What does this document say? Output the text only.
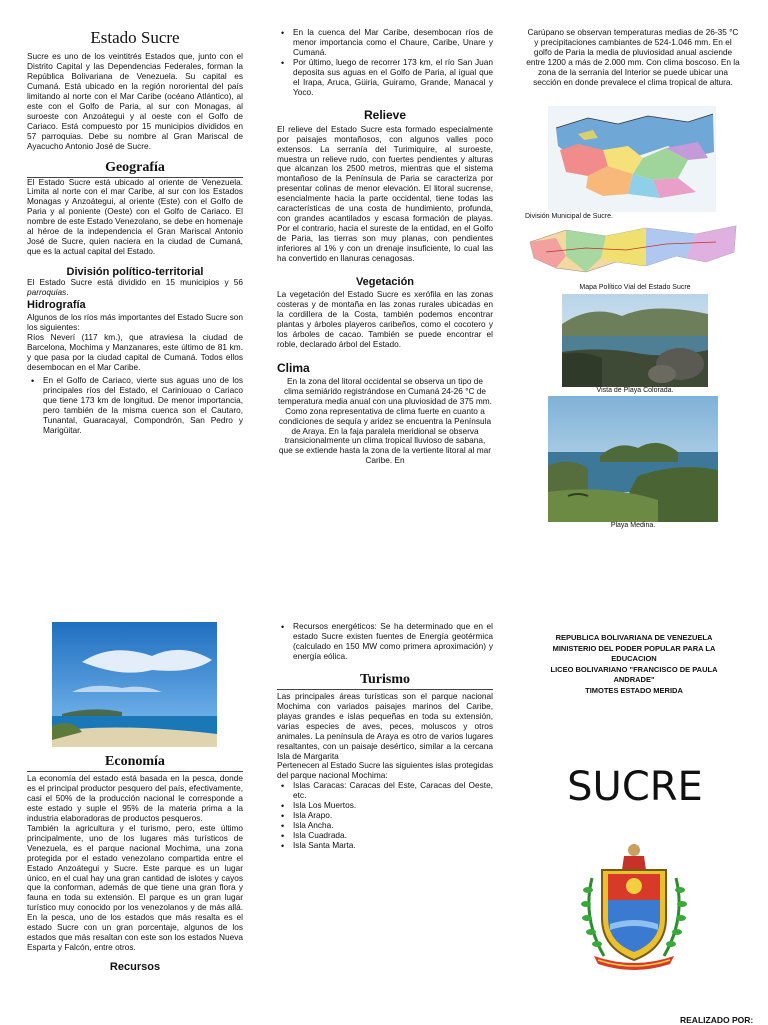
Estado Sucre

Sucre es uno de los veintitrés Estados que, junto con el Distrito Capital y las Dependencias Federales, forman la República Bolivariana de Venezuela. Su capital es Cumaná. Está ubicado en la región nororiental del país limitando al norte con el Mar Caribe (océano Atlántico), al este con el Golfo de Paria, al sur con Monagas, al suroeste con Anzoátegui y al oeste con el Golfo de Cariaco. Está compuesto por 15 municipios divididos en 57 parroquias. Debe su nombre al Gran Mariscal de Ayacucho Antonio José de Sucre.

Geografía

El Estado Sucre está ubicado al oriente de Venezuela. Limita al norte con el mar Caribe, al sur con los Estados Monagas y Anzoátegui, al oriente (Este) con el Golfo de Paria y al poniente (Oeste) con el Golfo de Cariaco. El nombre de este Estado Venezolano, se debe en homenaje al héroe de la independencia el Gran Mariscal Antonio José de Sucre, quien naciera en la ciudad de Cumaná, que es la actual capital del Estado.

División político-territorial

El Estado Sucre está dividido en 15 municipios y 56 parroquias.

Hidrografía

Algunos de los ríos más importantes del Estado Sucre son los siguientes:

Ríos Neverí (117 km.), que atraviesa la ciudad de Barcelona, Mochima y Manzanares, este último de 81 km. y que pasa por la ciudad capital de Cumaná. Todos ellos desembocan en el Mar Caribe.

• En el Golfo de Cariaco, vierte sus aguas uno de los principales ríos del Estado, el Cariniouao o Cariaco que tiene 173 km de longitud. De menor importancia, pero también de la misma cuenca son el Cautaro, Tunantal, Guaracayal, Compondrón, San Pedro y Marigüitar.
• En la cuenca del Mar Caribe, desembocan ríos de menor importancia como el Chaure, Caribe, Unare y Cumaná.
• Por último, luego de recorrer 173 km, el río San Juan deposita sus aguas en el Golfo de Paria, al igual que el Irapa, Aruca, Güiria, Guiramo, Grande, Manacal y Yoco.
Relieve

El relieve del Estado Sucre esta formado especialmente por paisajes montañosos, con algunos valles poco extensos. La serranía del Turimiquire, al suroeste, muestra un relieve rudo, con fuertes pendientes y alturas que alcanzan los 2500 metros, mientras que el sistema montañoso de la Península de Paria se caracteriza por presentar colinas de menor elevación. El litoral sucrense, esencialmente hacia la parte occidental, tiene todas las características de una costa de hundimiento, profunda, con grandes acantilados y escasa formación de playas. Por el contrario, hacia el sureste de la entidad, en el Golfo de Paria, las tierras son muy planas, con pendientes inferiores al 1% y con un drenaje insuficiente, lo cual las ha convertido en llanuras cenagosas.

Vegetación

La vegetación del Estado Sucre es xerófila en las zonas costeras y de montaña en las zonas rurales ubicadas en la cordillera de la Costa, también podemos encontrar plantas y árboles playeros caribeños, como el cocotero y los árboles de cacao. También se puede encontrar el roble, declarado árbol del Estado.

Clima

En la zona del litoral occidental se observa un tipo de clima semiárido registrándose en Cumaná 24-26 °C de temperatura media anual con una pluviosidad de 375 mm. Como zona representativa de clima fuerte en cuanto a condiciones de sequía y aridez se encuentra la Península de Araya. En la faja paralela meridional se observa transicionalmente un clima tropical lluvioso de sabana, que se extiende hasta la zona de la vertiente litoral al mar Caribe. En

Carúpano se observan temperaturas medias de 26-35 °C y precipitaciones cambiantes de 524-1.046 mm. En el golfo de Paria la media de pluviosidad anual asciende entre 1200 a más de 2.000 mm. Con clima boscoso. En la zona de la serranía del Interior se puede ubicar una sección en donde prevalece el clima tropical de altura.

División Municipal de Sucre.

Mapa Político Vial del Estado Sucre

Vista de Playa Colorada.

Playa Medina.

Economía

La economía del estado está basada en la pesca, donde es el principal productor pesquero del país, efectivamente, casi el 50% de la producción nacional le corresponde a este estado y suple el 95% de la materia prima a la industria elaboradoras de productos pesqueros.

También la agricultura y el turismo, pero, este último principalmente, uno de los lugares más turísticos de Venezuela, es el parque nacional Mochima, una zona protegida por el estado venezolano compartida entre el Estado Anzoátegui y Sucre. Este parque es un lugar único, en el cual hay una gran cantidad de islotes y cayos que la conforman, además de que tiene una gran flora y fauna en toda su extensión. El parque es un gran lugar turístico muy conocido por los venezolanos y de más allá. En la pesca, uno de los estados que más resalta es el estado Sucre con un gran porcentaje, algunos de los estados que más resaltan con este son los estados Nueva Esparta y Falcón, entre otros.

Recursos
• Recursos energéticos: Se ha determinado que en el estado Sucre existen fuentes de Energía geotérmica (calculado en 150 MW como primera aproximación) y energía eólica.
Turismo

Las principales áreas turísticas son el parque nacional Mochima con variados paisajes marinos del Caribe, playas grandes e islas pequeñas en toda su extensión, varias especies de aves, peces, moluscos y otros animales. La península de Araya es otro de varios lugares resaltantes, con un paisaje desértico, similar a la cercana Isla de Margarita

Pertenecen al Estado Sucre las siguientes islas protegidas del parque nacional Mochima:

• Islas Caracas: Caracas del Este, Caracas del Oeste, etc.
• Isla Los Muertos.
• Isla Arapo.
• Isla Ancha.
• Isla Cuadrada.
• Isla Santa Marta.

REPUBLICA BOLIVARIANA DE VENEZUELA

MINISTERIO DEL PODER POPULAR PARA LA EDUCACION

LICEO BOLIVARIANO "FRANCISCO DE PAULA ANDRADE"

TIMOTES ESTADO MERIDA

SUCRE
REALIZADO POR:
